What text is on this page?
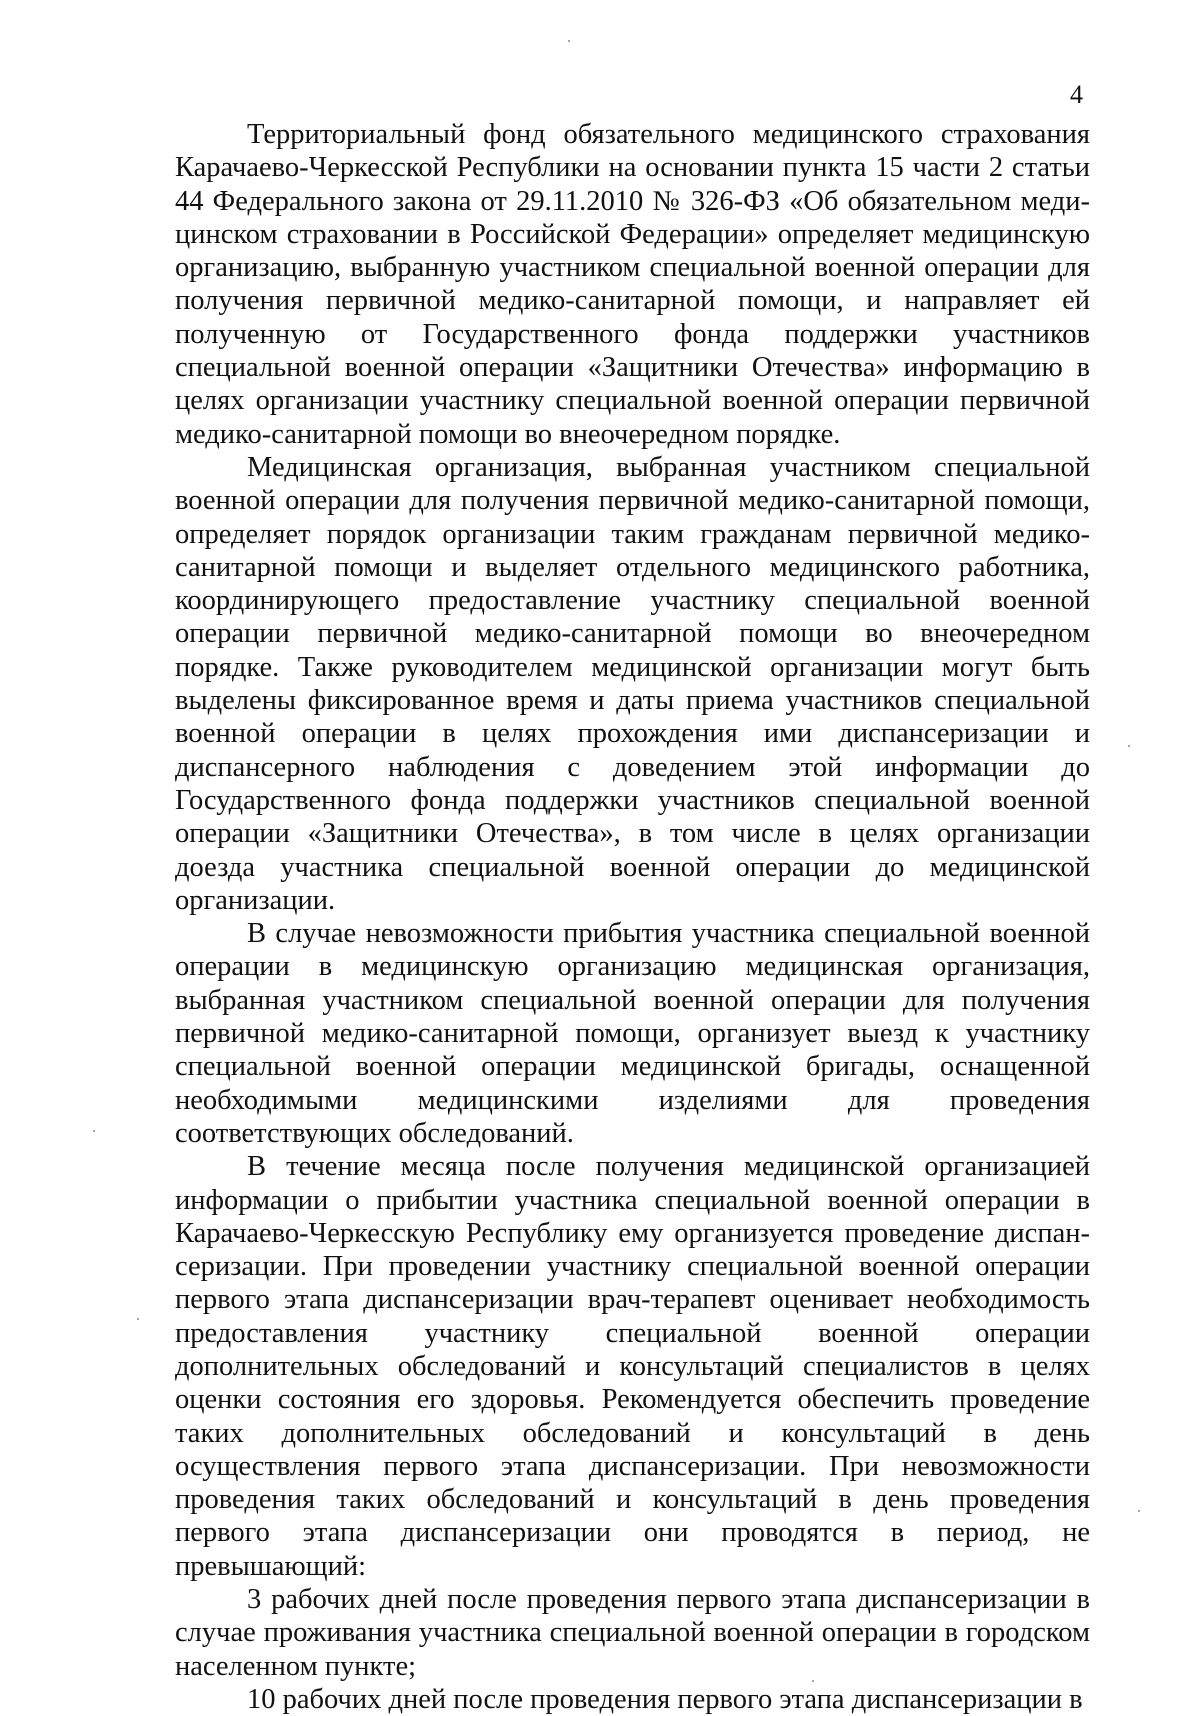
4

Территориальный фонд обязательного медицинского страхования Карачаево-Черкесской Республики на основании пункта 15 части 2 статьи 44 Федерального закона от 29.11.2010 № 326-ФЗ «Об обязательном медицинском страховании в Российской Федерации» определяет медицинскую организацию, выбранную участником специальной военной операции для получения первичной медико-санитарной помощи, и направляет ей полученную от Государственного фонда поддержки участников специальной военной операции «Защитники Отечества» информацию в целях организации участнику специальной военной операции первичной медико-санитарной помощи во внеочередном порядке.

Медицинская организация, выбранная участником специальной военной операции для получения первичной медико-санитарной помощи, определяет порядок организации таким гражданам первичной медико-санитарной помощи и выделяет отдельного медицинского работника, координирующего предоставление участнику специальной военной операции первичной медико-санитарной помощи во внеочередном порядке. Также руководителем медицинской организации могут быть выделены фиксированное время и даты приема участников специальной военной операции в целях прохождения ими диспансеризации и диспансерного наблюдения с доведением этой информации до Государственного фонда поддержки участников специальной военной операции «Защитники Отечества», в том числе в целях организации доезда участника специальной военной операции до медицинской организации.

В случае невозможности прибытия участника специальной военной операции в медицинскую организацию медицинская организация, выбранная участником специальной военной операции для получения первичной медико-санитарной помощи, организует выезд к участнику специальной военной операции медицинской бригады, оснащенной необходимыми медицинскими изделиями для проведения соответствующих обследований.

В течение месяца после получения медицинской организацией информации о прибытии участника специальной военной операции в Карачаево-Черкесскую Республику ему организуется проведение диспансеризации. При проведении участнику специальной военной операции первого этапа диспансеризации врач-терапевт оценивает необходимость предоставления участнику специальной военной операции дополнительных обследований и консультаций специалистов в целях оценки состояния его здоровья. Рекомендуется обеспечить проведение таких дополнительных обследований и консультаций в день осуществления первого этапа диспансеризации. При невозможности проведения таких обследований и консультаций в день проведения первого этапа диспансеризации они проводятся в период, не превышающий:

3 рабочих дней после проведения первого этапа диспансеризации в случае проживания участника специальной военной операции в городском населенном пункте;

10 рабочих дней после проведения первого этапа диспансеризации в
